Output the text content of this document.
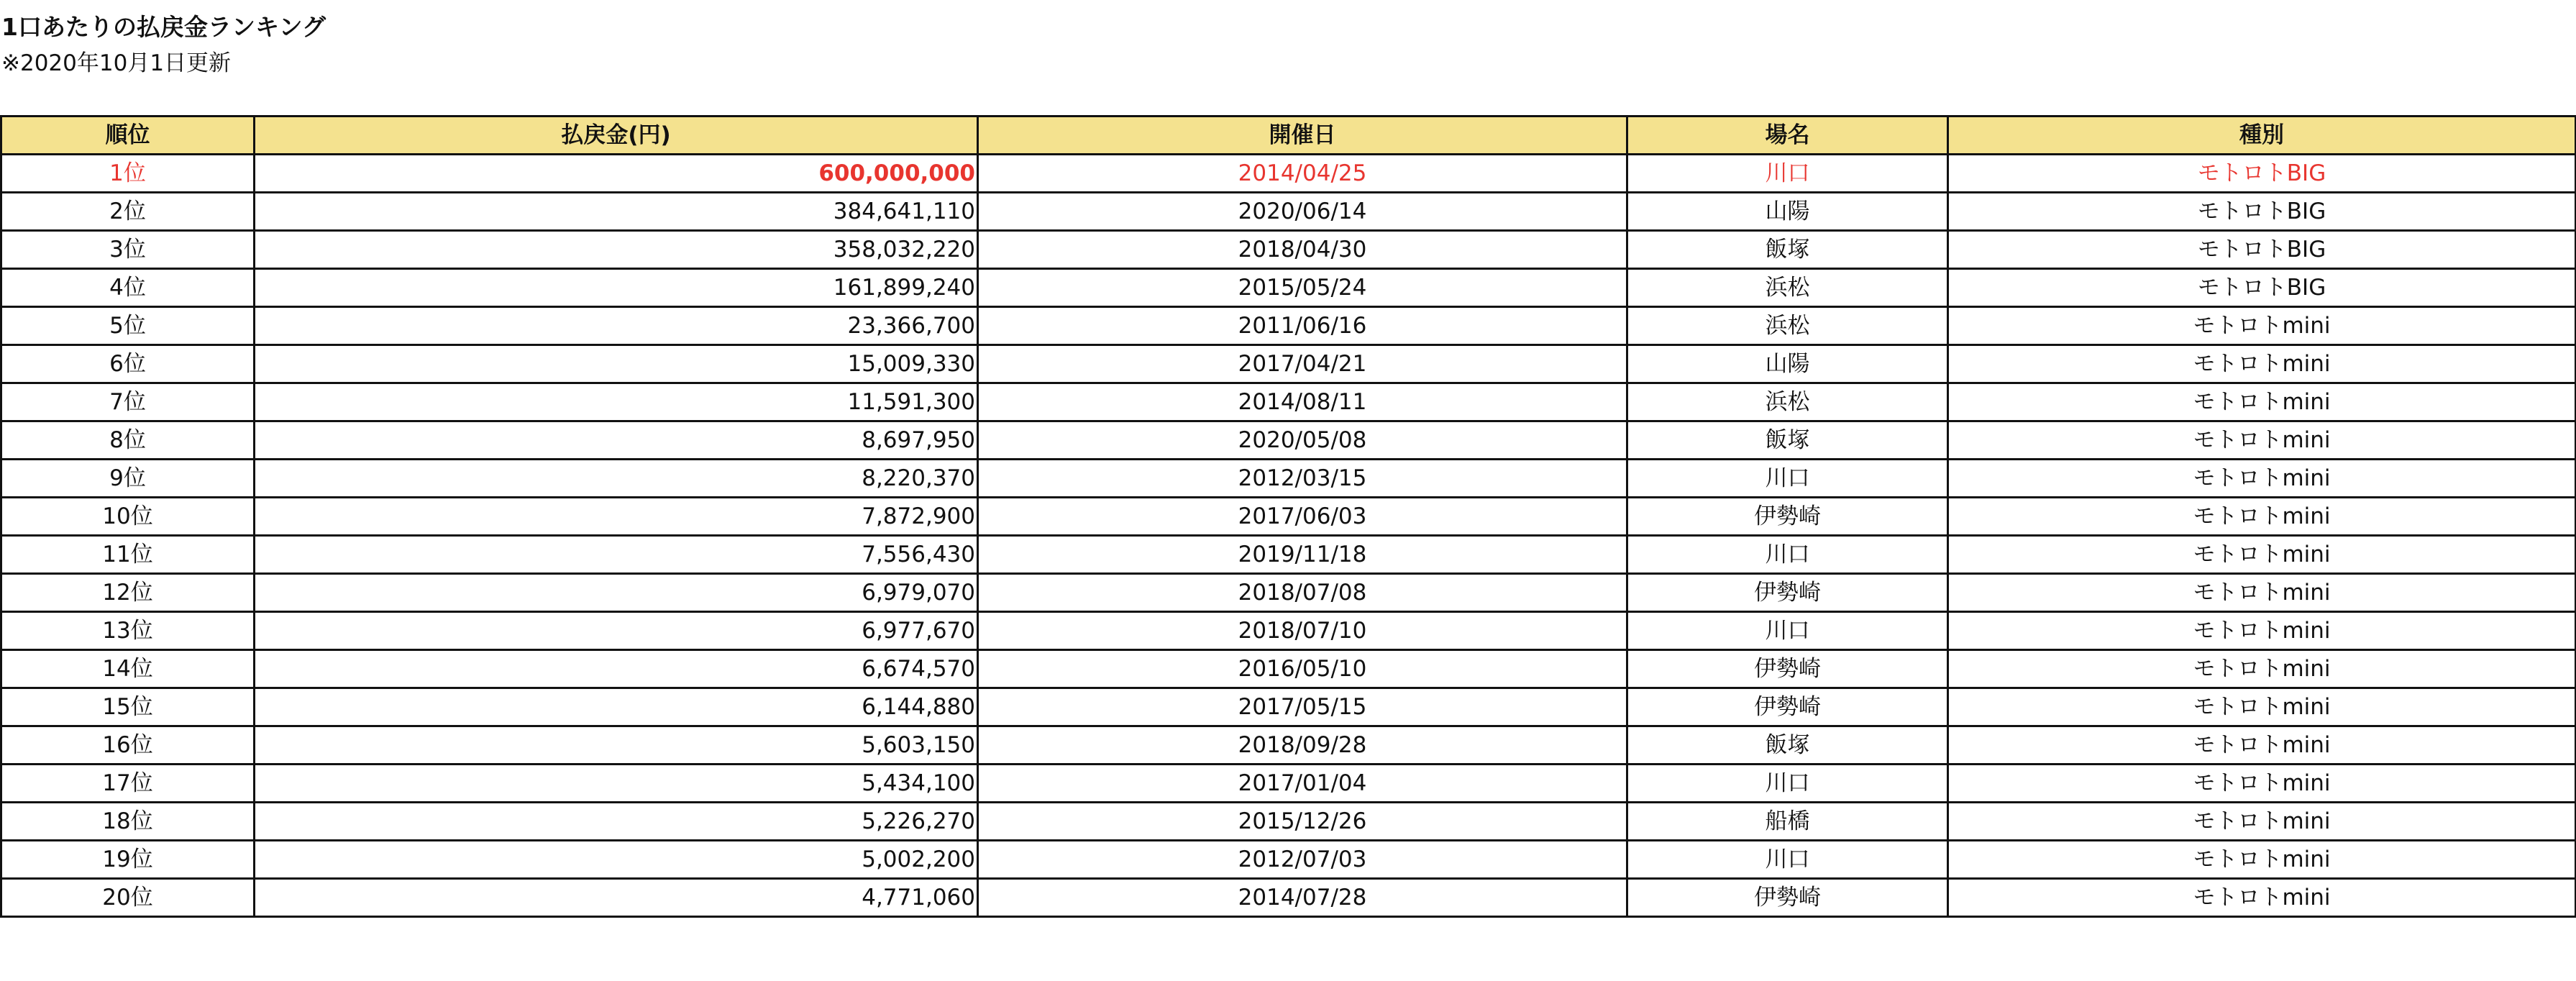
1口あたりの払戻金ランキング
※2020年10月1日更新
順位	払戻金(円)	開催日	場名	種別
1位	600,000,000	2014/04/25	川口	モトロトBIG
2位	384,641,110	2020/06/14	山陽	モトロトBIG
3位	358,032,220	2018/04/30	飯塚	モトロトBIG
4位	161,899,240	2015/05/24	浜松	モトロトBIG
5位	23,366,700	2011/06/16	浜松	モトロトmini
6位	15,009,330	2017/04/21	山陽	モトロトmini
7位	11,591,300	2014/08/11	浜松	モトロトmini
8位	8,697,950	2020/05/08	飯塚	モトロトmini
9位	8,220,370	2012/03/15	川口	モトロトmini
10位	7,872,900	2017/06/03	伊勢崎	モトロトmini
11位	7,556,430	2019/11/18	川口	モトロトmini
12位	6,979,070	2018/07/08	伊勢崎	モトロトmini
13位	6,977,670	2018/07/10	川口	モトロトmini
14位	6,674,570	2016/05/10	伊勢崎	モトロトmini
15位	6,144,880	2017/05/15	伊勢崎	モトロトmini
16位	5,603,150	2018/09/28	飯塚	モトロトmini
17位	5,434,100	2017/01/04	川口	モトロトmini
18位	5,226,270	2015/12/26	船橋	モトロトmini
19位	5,002,200	2012/07/03	川口	モトロトmini
20位	4,771,060	2014/07/28	伊勢崎	モトロトmini
